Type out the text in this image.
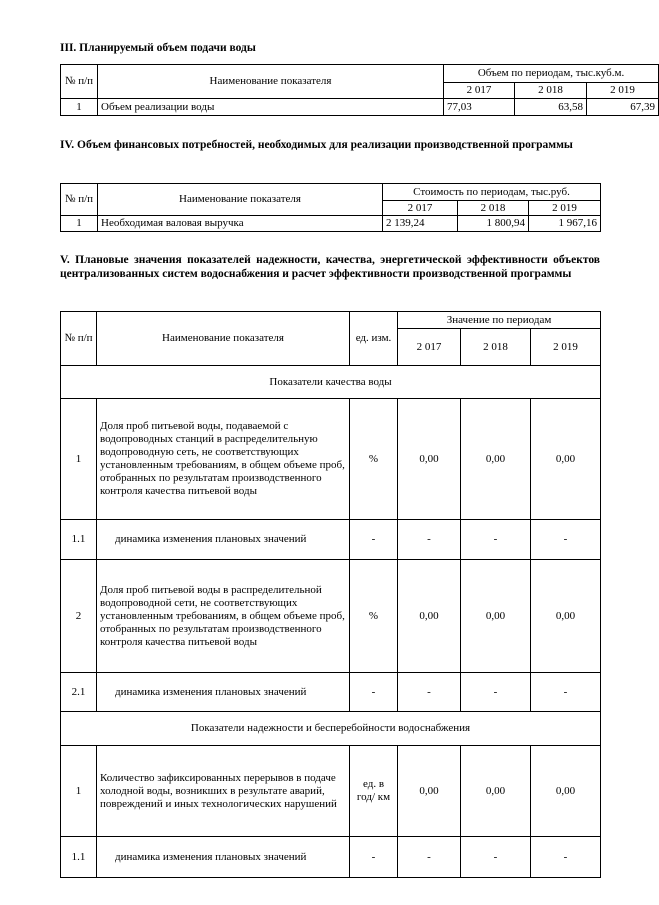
III. Планируемый объем подачи воды
№ п/п	Наименование показателя	Объем по периодам, тыс.куб.м.		
		2 017	2 018	2 019
1	Объем реализации воды	77,03	63,58	67,39
IV. Объем финансовых потребностей, необходимых для реализации производственной программы
№ п/п	Наименование показателя	Стоимость по периодам, тыс.руб.		
		2 017	2 018	2 019
1	Необходимая валовая выручка	2 139,24	1 800,94	1 967,16
V. Плановые значения показателей надежности, качества, энергетической эффективности объектов централизованных систем водоснабжения и расчет эффективности производственной программы
№ п/п	Наименование показателя	ед. изм.	Значение по периодам		
			2 017	2 018	2 019
Показатели качества воды					
1	Доля проб питьевой воды, подаваемой с водопроводных станций в распределительную водопроводную сеть, не соответствующих установленным требованиям, в общем объеме проб, отобранных по результатам производственного контроля качества питьевой воды	%	0,00	0,00	0,00
1.1	динамика изменения плановых значений	-	-	-	-
2	Доля проб питьевой воды в распределительной водопроводной сети, не соответствующих установленным требованиям, в общем объеме проб, отобранных по результатам производственного контроля качества питьевой воды	%	0,00	0,00	0,00
2.1	динамика изменения плановых значений	-	-	-	-
Показатели надежности и бесперебойности водоснабжения					
1	Количество зафиксированных перерывов в подаче холодной воды, возникших в результате аварий, повреждений и иных технологических нарушений	ед. в год/ км	0,00	0,00	0,00
1.1	динамика изменения плановых значений	-	-	-	-
